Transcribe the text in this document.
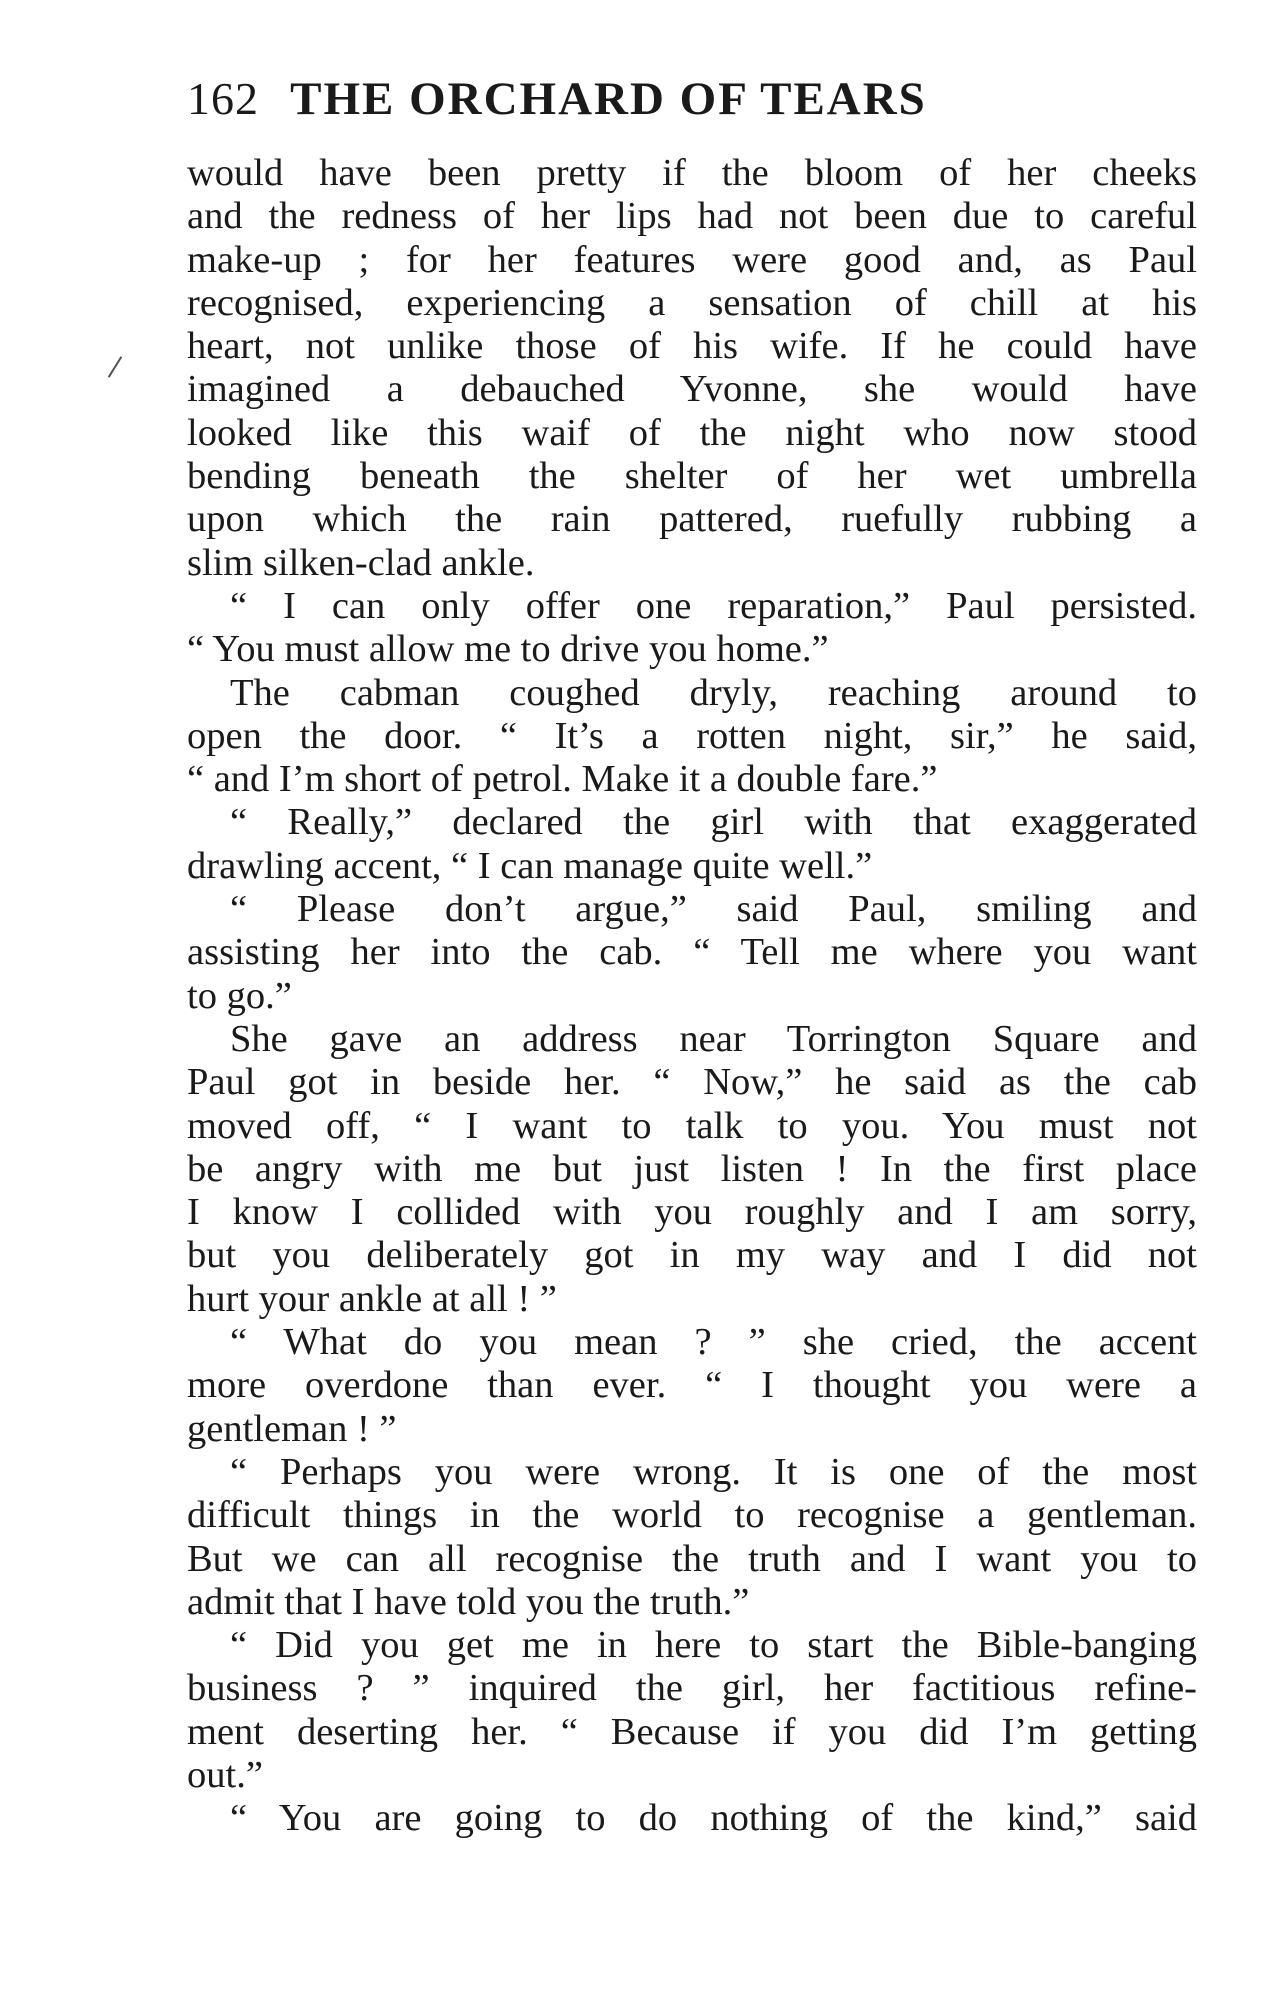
162 THE ORCHARD OF TEARS
would have been pretty if the bloom of her cheeks
and the redness of her lips had not been due to careful
make-up ; for her features were good and, as Paul
recognised, experiencing a sensation of chill at his
heart, not unlike those of his wife. If he could have
imagined a debauched Yvonne, she would have
looked like this waif of the night who now stood
bending beneath the shelter of her wet umbrella
upon which the rain pattered, ruefully rubbing a
slim silken-clad ankle.
“ I can only offer one reparation,” Paul persisted.
“ You must allow me to drive you home.”
The cabman coughed dryly, reaching around to
open the door. “ It’s a rotten night, sir,” he said,
“ and I’m short of petrol. Make it a double fare.”
“ Really,” declared the girl with that exaggerated
drawling accent, “ I can manage quite well.”
“ Please don’t argue,” said Paul, smiling and
assisting her into the cab. “ Tell me where you want
to go.”
She gave an address near Torrington Square and
Paul got in beside her. “ Now,” he said as the cab
moved off, “ I want to talk to you. You must not
be angry with me but just listen ! In the first place
I know I collided with you roughly and I am sorry,
but you deliberately got in my way and I did not
hurt your ankle at all ! ”
“ What do you mean ? ” she cried, the accent
more overdone than ever. “ I thought you were a
gentleman ! ”
“ Perhaps you were wrong. It is one of the most
difficult things in the world to recognise a gentleman.
But we can all recognise the truth and I want you to
admit that I have told you the truth.”
“ Did you get me in here to start the Bible-banging
business ? ” inquired the girl, her factitious refine-
ment deserting her. “ Because if you did I’m getting
out.”
“ You are going to do nothing of the kind,” said
